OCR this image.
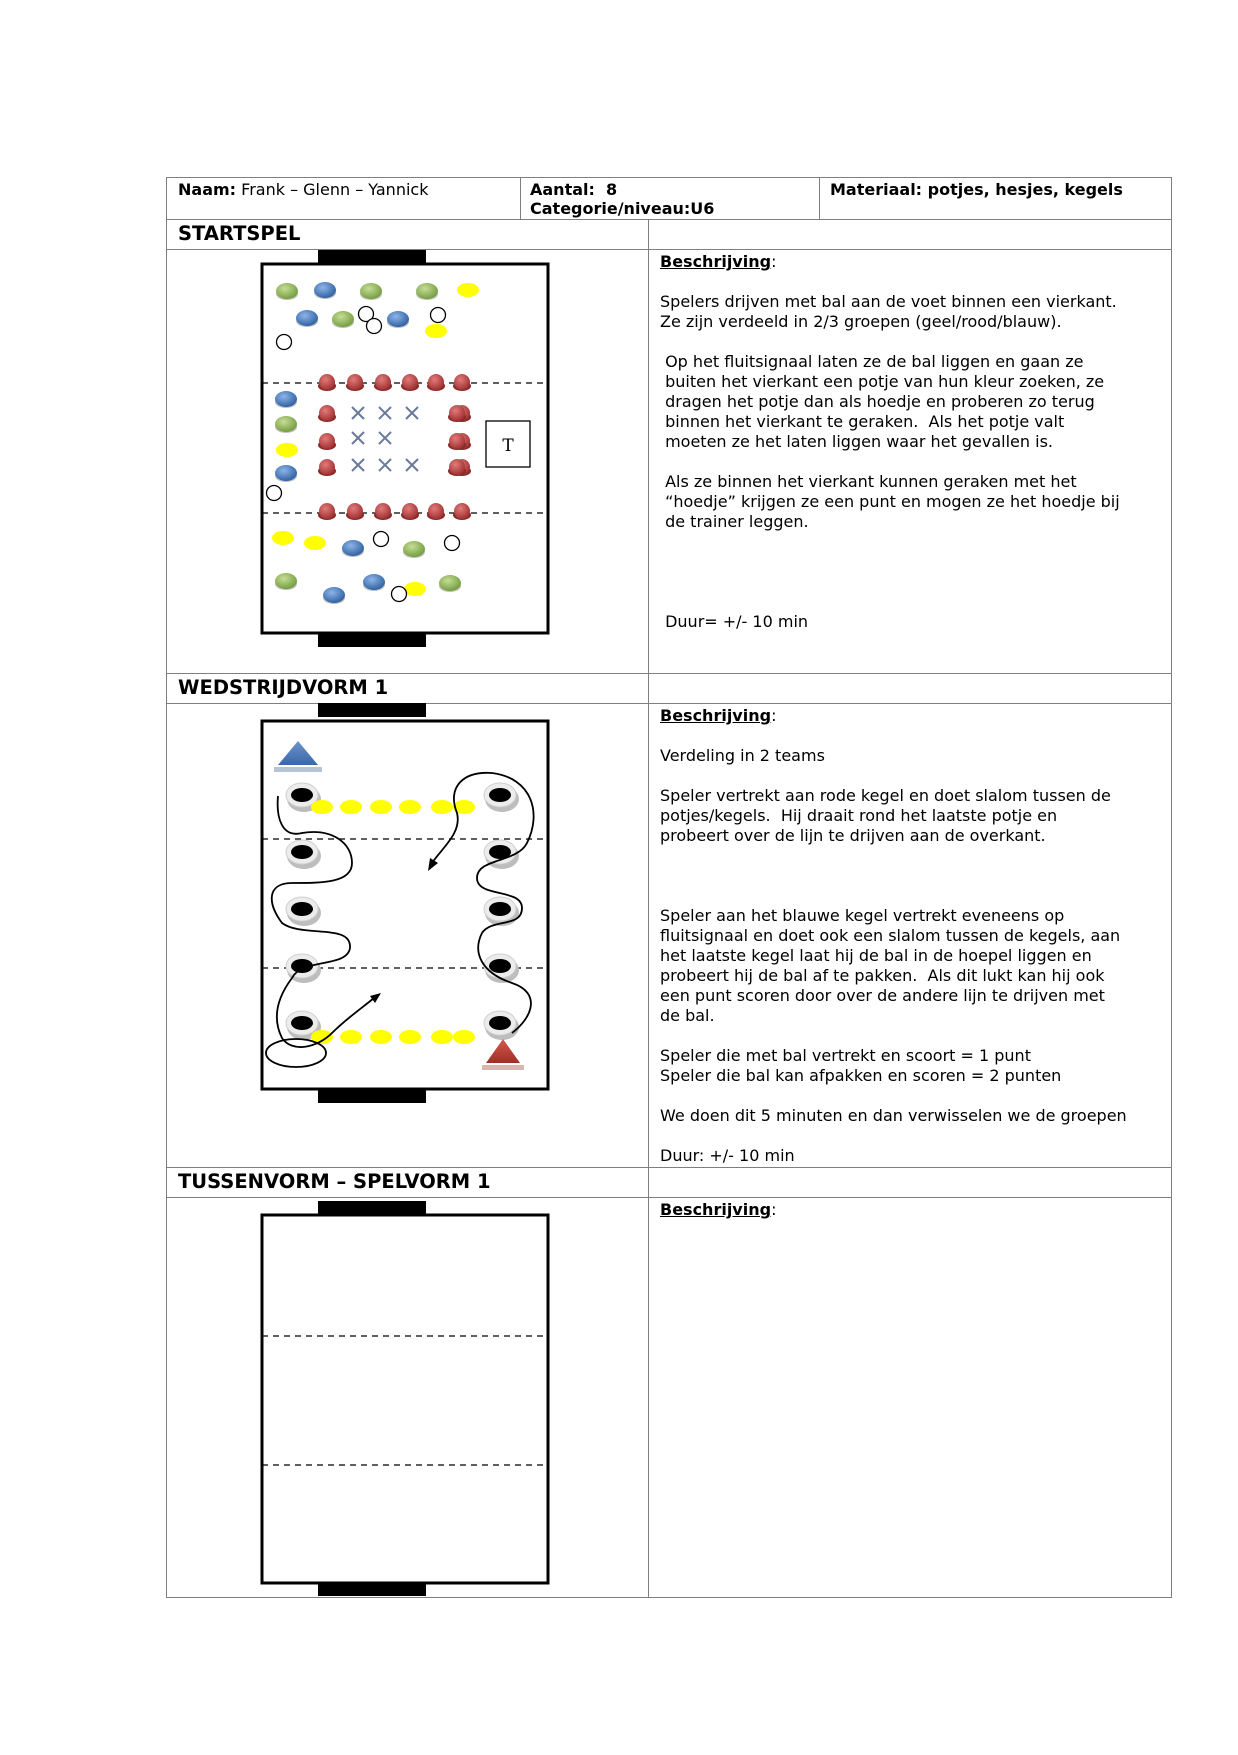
Naam: Frank – Glenn – Yannick	Aantal: 8
Categorie/niveau:U6
Materiaal: potjes, hesjes, kegels
STARTSPEL

Beschrijving:

Spelers drijven met bal aan de voet binnen een vierkant.

Ze zijn verdeeld in 2/3 groepen (geel/rood/blauw).

Op het fluitsignaal laten ze de bal liggen en gaan ze

buiten het vierkant een potje van hun kleur zoeken, ze

dragen het potje dan als hoedje en proberen zo terug

binnen het vierkant te geraken.  Als het potje valt

moeten ze het laten liggen waar het gevallen is.

Als ze binnen het vierkant kunnen geraken met het

“hoedje” krijgen ze een punt en mogen ze het hoedje bij

de trainer leggen.

Duur= +/- 10 min

WEDSTRIJDVORM 1

Beschrijving:

Verdeling in 2 teams

Speler vertrekt aan rode kegel en doet slalom tussen de

potjes/kegels.  Hij draait rond het laatste potje en

probeert over de lijn te drijven aan de overkant.

Speler aan het blauwe kegel vertrekt eveneens op

fluitsignaal en doet ook een slalom tussen de kegels, aan

het laatste kegel laat hij de bal in de hoepel liggen en

probeert hij de bal af te pakken.  Als dit lukt kan hij ook

een punt scoren door over de andere lijn te drijven met

de bal.

Speler die met bal vertrekt en scoort = 1 punt

Speler die bal kan afpakken en scoren = 2 punten

We doen dit 5 minuten en dan verwisselen we de groepen

Duur: +/- 10 min

TUSSENVORM – SPELVORM 1

Beschrijving:

T
